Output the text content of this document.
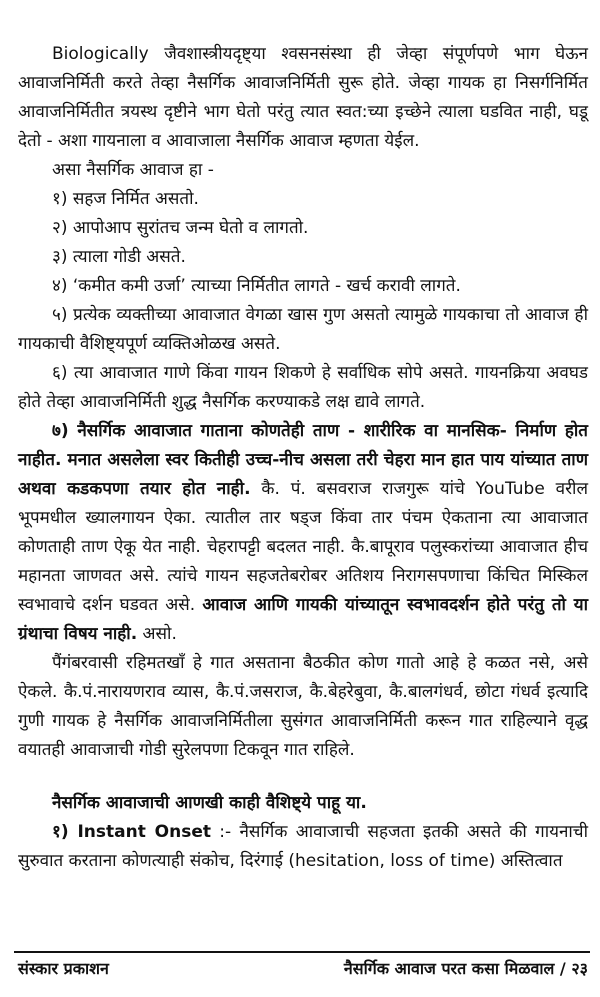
Biologically जैवशास्त्रीयदृष्ट्या श्वसनसंस्था ही जेव्हा संपूर्णपणे भाग घेऊन आवाजनिर्मिती करते तेव्हा नैसर्गिक आवाजनिर्मिती सुरू होते. जेव्हा गायक हा निसर्गनिर्मित आवाजनिर्मितीत त्रयस्थ दृष्टीने भाग घेतो परंतु त्यात स्वत:च्या इच्छेने त्याला घडवित नाही, घडू देतो - अशा गायनाला व आवाजाला नैसर्गिक आवाज म्हणता येईल.

असा नैसर्गिक आवाज हा -

१) सहज निर्मित असतो.

२) आपोआप सुरांतच जन्म घेतो व लागतो.

३) त्याला गोडी असते.

४) ‘कमीत कमी उर्जा’ त्याच्या निर्मितीत लागते - खर्च करावी लागते.

५) प्रत्येक व्यक्तीच्या आवाजात वेगळा खास गुण असतो त्यामुळे गायकाचा तो आवाज ही गायकाची वैशिष्ट्यपूर्ण व्यक्तिओळख असते.

६) त्या आवाजात गाणे किंवा गायन शिकणे हे सर्वाधिक सोपे असते. गायनक्रिया अवघड होते तेव्हा आवाजनिर्मिती शुद्ध नैसर्गिक करण्याकडे लक्ष द्यावे लागते.

७) नैसर्गिक आवाजात गाताना कोणतेही ताण - शारीरिक वा मानसिक- निर्माण होत नाहीत. मनात असलेला स्वर कितीही उच्च-नीच असला तरी चेहरा मान हात पाय यांच्यात ताण अथवा कडकपणा तयार होत नाही. कै. पं. बसवराज राजगुरू यांचे YouTube वरील भूपमधील ख्यालगायन ऐका. त्यातील तार षड्ज किंवा तार पंचम ऐकताना त्या आवाजात कोणताही ताण ऐकू येत नाही. चेहरापट्टी बदलत नाही. कै.बापूराव पलुस्करांच्या आवाजात हीच महानता जाणवत असे. त्यांचे गायन सहजतेबरोबर अतिशय निरागसपणाचा किंचित मिस्किल स्वभावाचे दर्शन घडवत असे. आवाज आणि गायकी यांच्यातून स्वभावदर्शन होते परंतु तो या ग्रंथाचा विषय नाही. असो.

पैंगंबरवासी रहिमतखाँ हे गात असताना बैठकीत कोण गातो आहे हे कळत नसे, असे ऐकले. कै.पं.नारायणराव व्यास, कै.पं.जसराज, कै.बेहरेबुवा, कै.बालगंधर्व, छोटा गंधर्व इत्यादि गुणी गायक हे नैसर्गिक आवाजनिर्मितीला सुसंगत आवाजनिर्मिती करून गात राहिल्याने वृद्ध वयातही आवाजाची गोडी सुरेलपणा टिकवून गात राहिले.

नैसर्गिक आवाजाची आणखी काही वैशिष्ट्ये पाहू या.

१) Instant Onset :- नैसर्गिक आवाजाची सहजता इतकी असते की गायनाची सुरुवात करताना कोणत्याही संकोच, दिरंगाई (hesitation, loss of time) अस्तित्वात

संस्कार प्रकाशन	नैसर्गिक आवाज परत कसा मिळवाल / २३
